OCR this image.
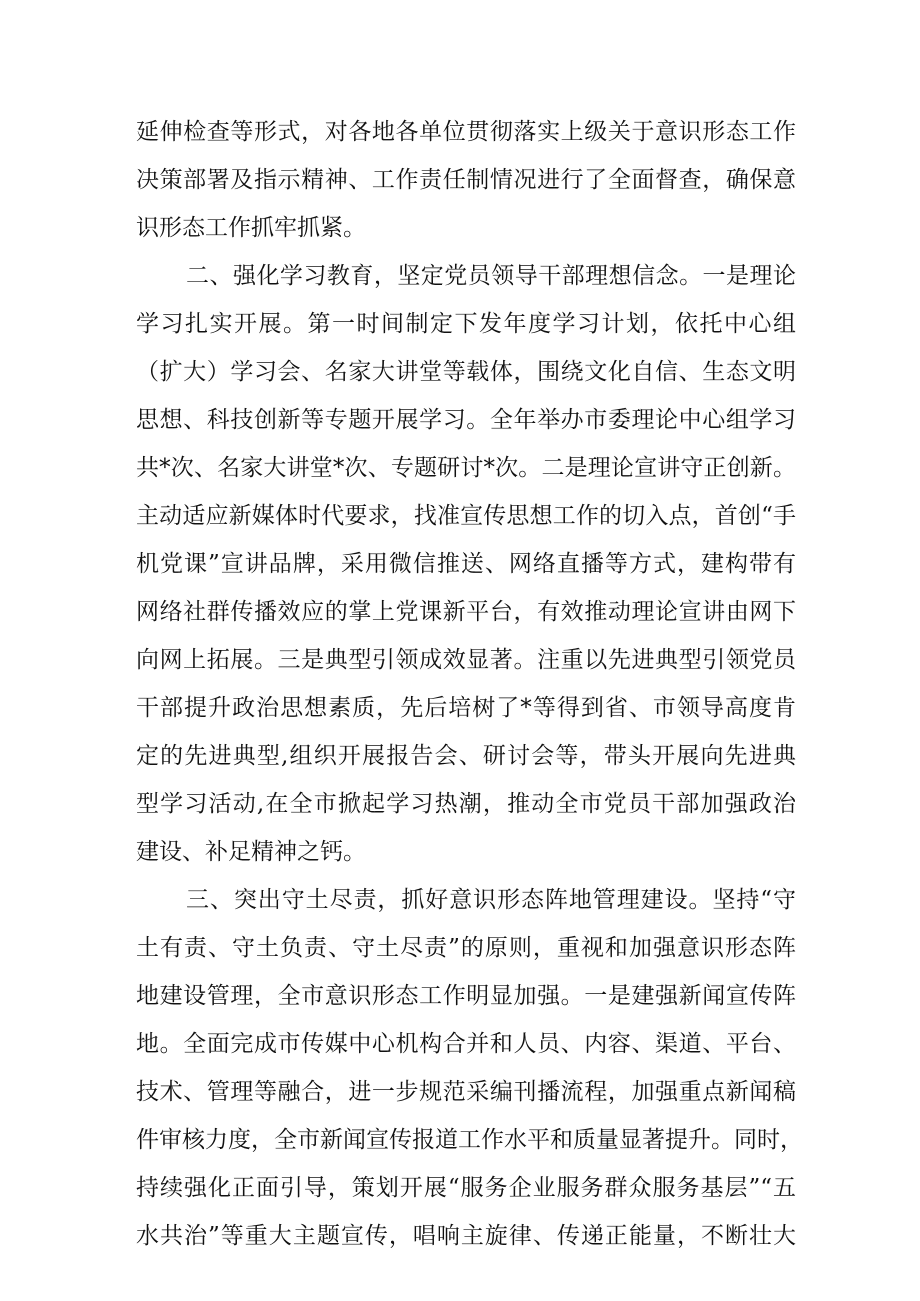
延伸检查等形式，对各地各单位贯彻落实上级关于意识形态工作
决策部署及指示精神、工作责任制情况进行了全面督查，确保意
识形态工作抓牢抓紧。
二、强化学习教育，坚定党员领导干部理想信念。一是理论
学习扎实开展。第一时间制定下发年度学习计划，依托中心组
（扩大）学习会、名家大讲堂等载体，围绕文化自信、生态文明
思想、科技创新等专题开展学习。全年举办市委理论中心组学习
共*次、名家大讲堂*次、专题研讨*次。二是理论宣讲守正创新。
主动适应新媒体时代要求，找准宣传思想工作的切入点，首创“手
机党课”宣讲品牌，采用微信推送、网络直播等方式，建构带有
网络社群传播效应的掌上党课新平台，有效推动理论宣讲由网下
向网上拓展。三是典型引领成效显著。注重以先进典型引领党员
干部提升政治思想素质，先后培树了*等得到省、市领导高度肯
定的先进典型,组织开展报告会、研讨会等，带头开展向先进典
型学习活动,在全市掀起学习热潮，推动全市党员干部加强政治
建设、补足精神之钙。
三、突出守土尽责，抓好意识形态阵地管理建设。坚持“守
土有责、守土负责、守土尽责”的原则，重视和加强意识形态阵
地建设管理，全市意识形态工作明显加强。一是建强新闻宣传阵
地。全面完成市传媒中心机构合并和人员、内容、渠道、平台、
技术、管理等融合，进一步规范采编刊播流程，加强重点新闻稿
件审核力度，全市新闻宣传报道工作水平和质量显著提升。同时，
持续强化正面引导，策划开展“服务企业服务群众服务基层”“五
水共治”等重大主题宣传，唱响主旋律、传递正能量，不断壮大
